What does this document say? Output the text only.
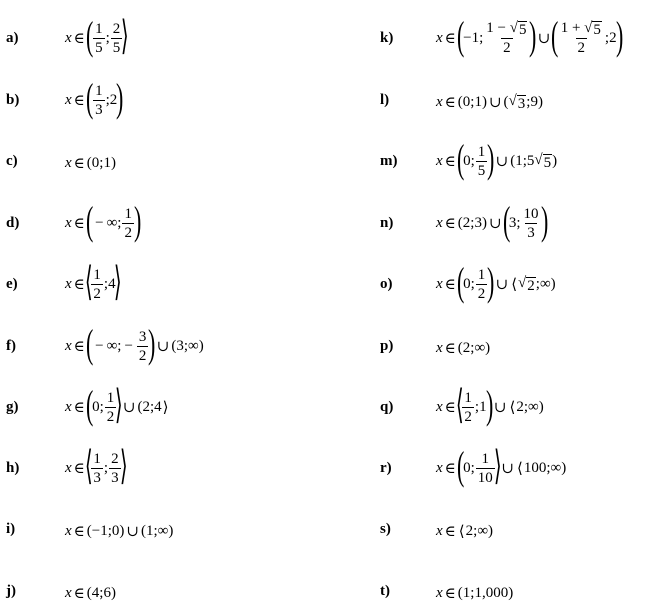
a)	x ∈ ( $\frac{1}{5}$ ; $\frac{2}{5}$
⟩
b)	x ∈ ( $\frac{1}{3}$ ; 2
)
c)	x ∈ ( 0 ; 1 )
d)	x ∈ ( − ∞ ; $\frac{1}{2}$ )
e)	x ∈ ⟨
$\frac{1}{2}$ ; 4
⟩
f)	x ∈ ( − ∞ ; − $\frac{3}{2}$ ) ∪ ( 3 ; ∞ )
g)	x ∈ (
0 ; $\frac{1}{2}$
⟩ ∪ ( 2 ; 4 ⟩
h)	x ∈ ⟨
$\frac{1}{3}$ ; $\frac{2}{3}$
⟩
i)	x ∈ ( −1 ; 0 ) ∪ ( 1 ; ∞ )
j)	x ∈ ( 4 ; 6 )
k)	x ∈ (
−1 ; $\frac{1 - √ 5}{2}$ ) ∪ ( $\frac{1 + √ 5}{2}$ ; 2
)
l)	x ∈ ( 0 ; 1 ) ∪ ( √ 3 ; 9 )
m)	x ∈ (
0 ; $\frac{1}{5}$ ) ∪ ( 1 ; 5 √ 5 )
n)	x ∈ ( 2 ; 3 ) ∪ (
3 ; $\frac{10}{3}$ )
o)	x ∈ (
0 ; $\frac{1}{2}$ ) ∪ ⟨ √ 2 ; ∞ )
p)	x ∈ ( 2 ; ∞ )
q)	x ∈ ⟨
$\frac{1}{2}$ ; 1
) ∪ ⟨ 2 ; ∞ )
r)	x ∈ (
0 ; $\frac{1}{10}$
⟩ ∪ ⟨ 100 ; ∞ )
s)	x ∈ ⟨ 2 ; ∞ )
t)	x ∈ ( 1 ; 1,000 )
